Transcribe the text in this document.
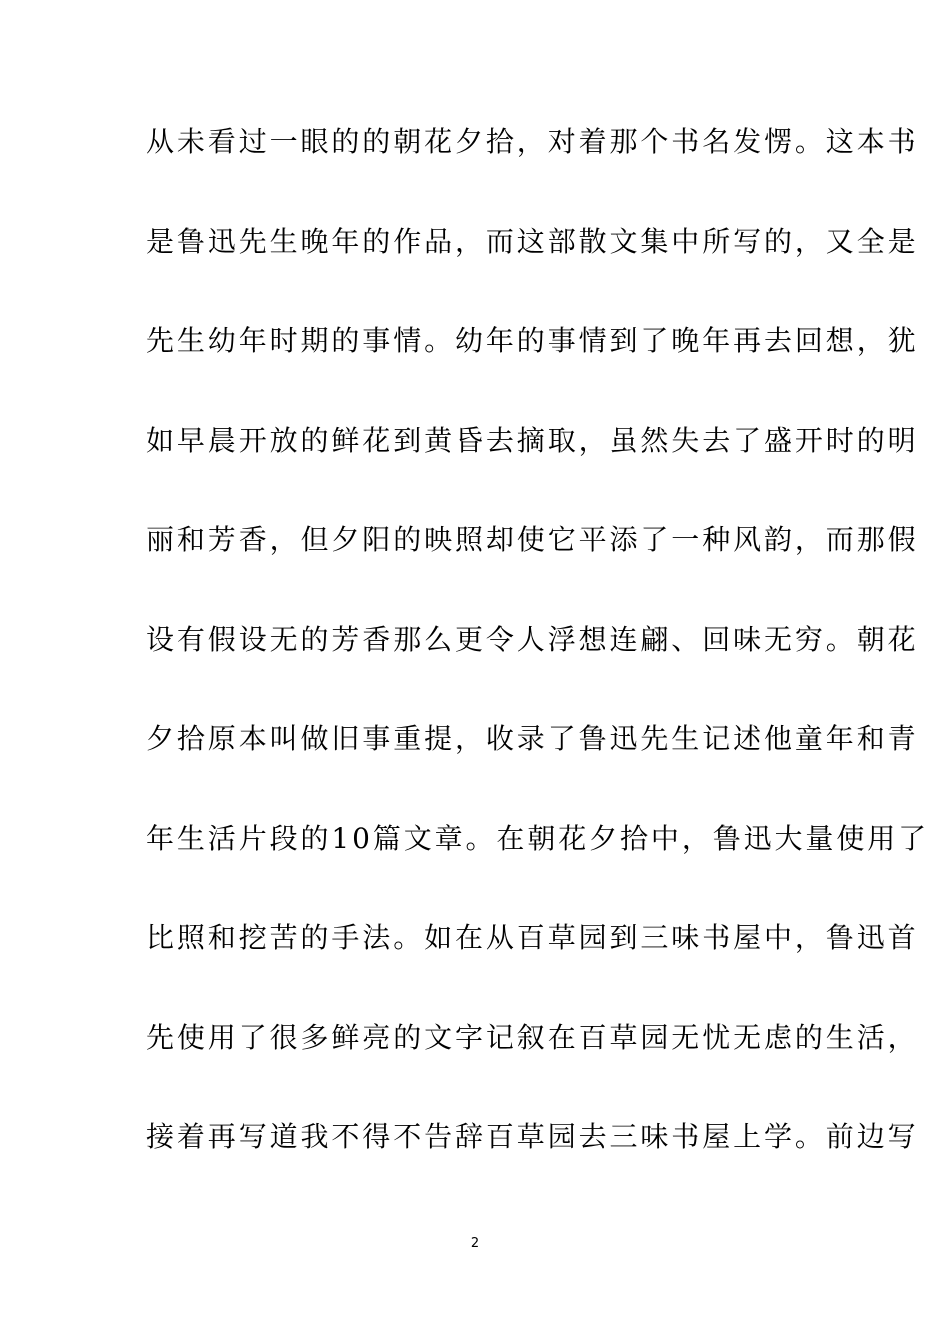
从未看过一眼的的朝花夕拾，对着那个书名发愣。这本书

是鲁迅先生晚年的作品，而这部散文集中所写的，又全是

先生幼年时期的事情。幼年的事情到了晚年再去回想，犹

如早晨开放的鲜花到黄昏去摘取，虽然失去了盛开时的明

丽和芳香，但夕阳的映照却使它平添了一种风韵，而那假

设有假设无的芳香那么更令人浮想连翩、回味无穷。朝花

夕拾原本叫做旧事重提，收录了鲁迅先生记述他童年和青

年生活片段的10篇文章。在朝花夕拾中，鲁迅大量使用了

比照和挖苦的手法。如在从百草园到三味书屋中，鲁迅首

先使用了很多鲜亮的文字记叙在百草园无忧无虑的生活，

接着再写道我不得不告辞百草园去三味书屋上学。前边写

2
